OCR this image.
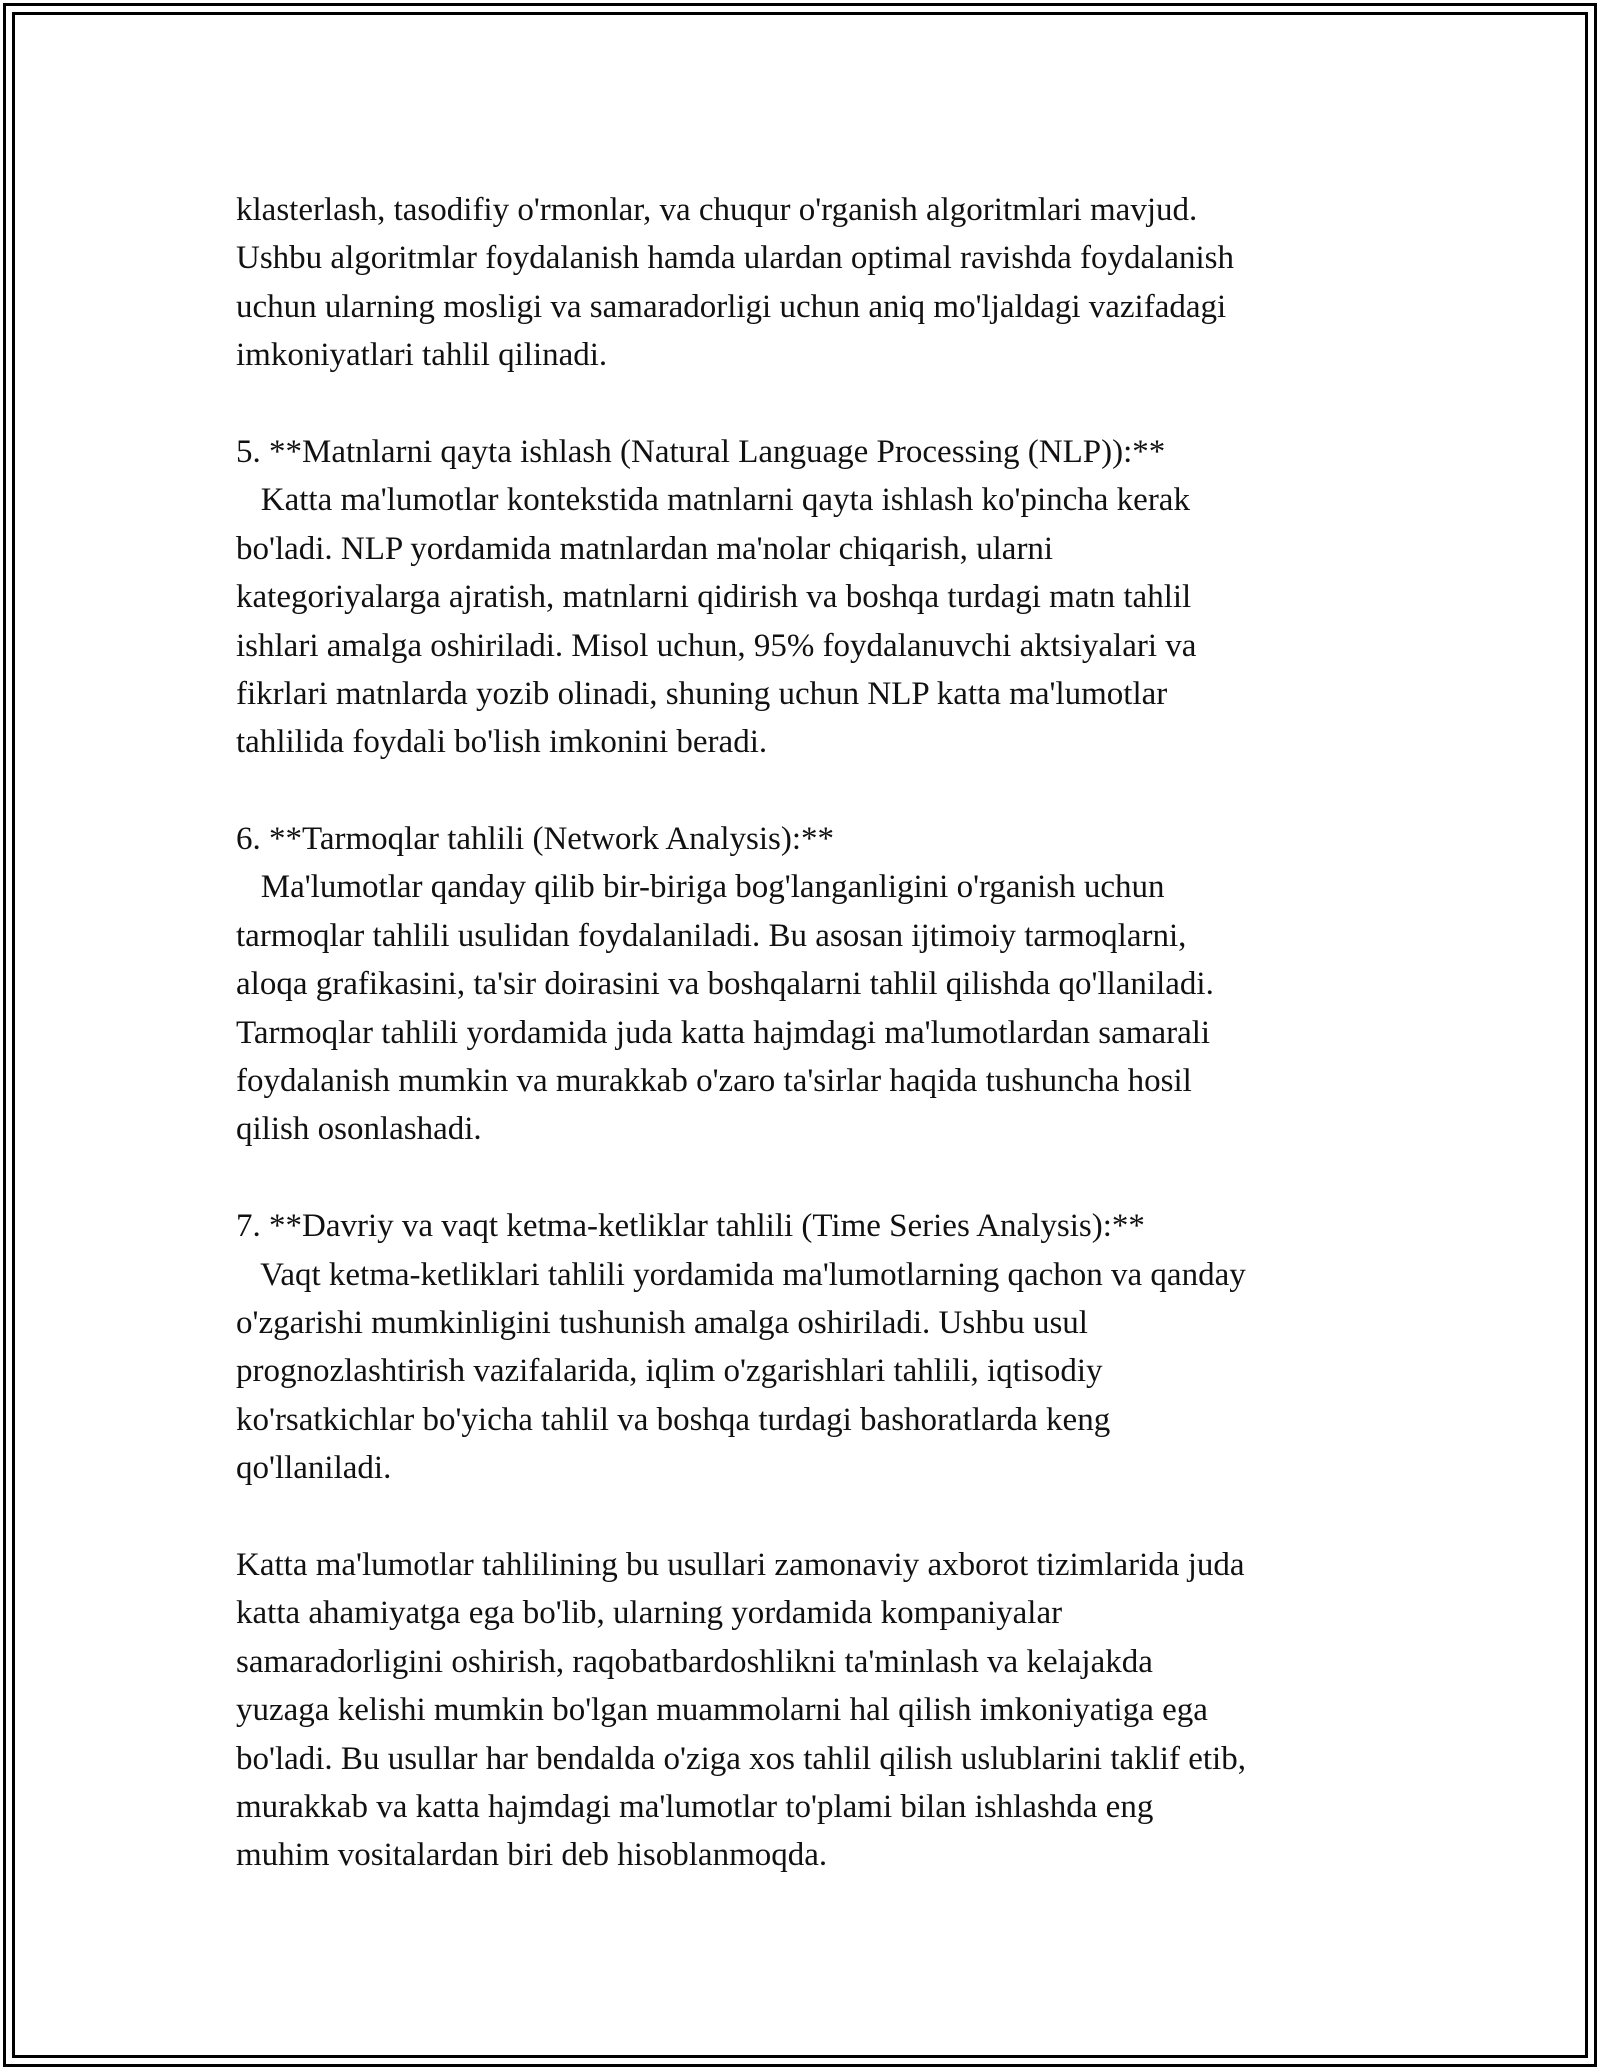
klasterlash, tasodifiy o'rmonlar, va chuqur o'rganish algoritmlari mavjud.
Ushbu algoritmlar foydalanish hamda ulardan optimal ravishda foydalanish
uchun ularning mosligi va samaradorligi uchun aniq mo'ljaldagi vazifadagi
imkoniyatlari tahlil qilinadi.
5. **Matnlarni qayta ishlash (Natural Language Processing (NLP)):**
Katta ma'lumotlar kontekstida matnlarni qayta ishlash ko'pincha kerak
bo'ladi. NLP yordamida matnlardan ma'nolar chiqarish, ularni
kategoriyalarga ajratish, matnlarni qidirish va boshqa turdagi matn tahlil
ishlari amalga oshiriladi. Misol uchun, 95% foydalanuvchi aktsiyalari va
fikrlari matnlarda yozib olinadi, shuning uchun NLP katta ma'lumotlar
tahlilida foydali bo'lish imkonini beradi.
6. **Tarmoqlar tahlili (Network Analysis):**
Ma'lumotlar qanday qilib bir-biriga bog'langanligini o'rganish uchun
tarmoqlar tahlili usulidan foydalaniladi. Bu asosan ijtimoiy tarmoqlarni,
aloqa grafikasini, ta'sir doirasini va boshqalarni tahlil qilishda qo'llaniladi.
Tarmoqlar tahlili yordamida juda katta hajmdagi ma'lumotlardan samarali
foydalanish mumkin va murakkab o'zaro ta'sirlar haqida tushuncha hosil
qilish osonlashadi.
7. **Davriy va vaqt ketma-ketliklar tahlili (Time Series Analysis):**
Vaqt ketma-ketliklari tahlili yordamida ma'lumotlarning qachon va qanday
o'zgarishi mumkinligini tushunish amalga oshiriladi. Ushbu usul
prognozlashtirish vazifalarida, iqlim o'zgarishlari tahlili, iqtisodiy
ko'rsatkichlar bo'yicha tahlil va boshqa turdagi bashoratlarda keng
qo'llaniladi.
Katta ma'lumotlar tahlilining bu usullari zamonaviy axborot tizimlarida juda
katta ahamiyatga ega bo'lib, ularning yordamida kompaniyalar
samaradorligini oshirish, raqobatbardoshlikni ta'minlash va kelajakda
yuzaga kelishi mumkin bo'lgan muammolarni hal qilish imkoniyatiga ega
bo'ladi. Bu usullar har bendalda o'ziga xos tahlil qilish uslublarini taklif etib,
murakkab va katta hajmdagi ma'lumotlar to'plami bilan ishlashda eng
muhim vositalardan biri deb hisoblanmoqda.
